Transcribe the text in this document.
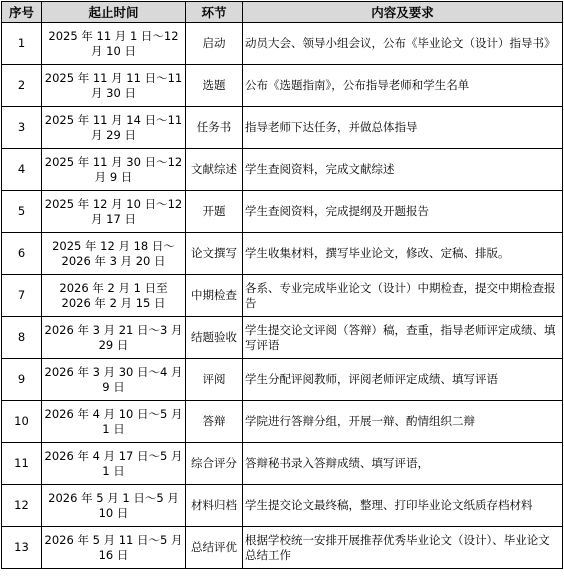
序号	起止时间	环节	内容及要求
1	2025 年 11 月 1 日～12 月 10 日	启动	动员大会、领导小组会议，公布《毕业论文（设计）指导书》
2	2025 年 11 月 11 日～11 月 30 日	选题	公布《选题指南》，公布指导老师和学生名单
3	2025 年 11 月 14 日～11 月 29 日	任务书	指导老师下达任务，并做总体指导
4	2025 年 11 月 30 日～12 月 9 日	文献综述	学生查阅资料，完成文献综述
5	2025 年 12 月 10 日～12 月 17 日	开题	学生查阅资料，完成提纲及开题报告
6	2025 年 12 月 18 日～2026 年 3 月 20 日	论文撰写	学生收集材料，撰写毕业论文，修改、定稿、排版。
7	2026 年 2 月 1 日至 2026 年 2 月 15 日	中期检查	各系、专业完成毕业论文（设计）中期检查，提交中期检查报告
8	2026 年 3 月 21 日～3 月 29 日	结题验收	学生提交论文评阅（答辩）稿，查重，指导老师评定成绩、填写评语
9	2026 年 3 月 30 日～4 月 9 日	评阅	学生分配评阅教师，评阅老师评定成绩、填写评语
10	2026 年 4 月 10 日～5 月 1 日	答辩	学院进行答辩分组，开展一辩、酌情组织二辩
11	2026 年 4 月 17 日～5 月 1 日	综合评分	答辩秘书录入答辩成绩、填写评语，
12	2026 年 5 月 1 日～5 月 10 日	材料归档	学生提交论文最终稿，整理、打印毕业论文纸质存档材料
13	2026 年 5 月 11 日～5 月 16 日	总结评优	根据学校统一安排开展推荐优秀毕业论文（设计）、毕业论文总结工作
